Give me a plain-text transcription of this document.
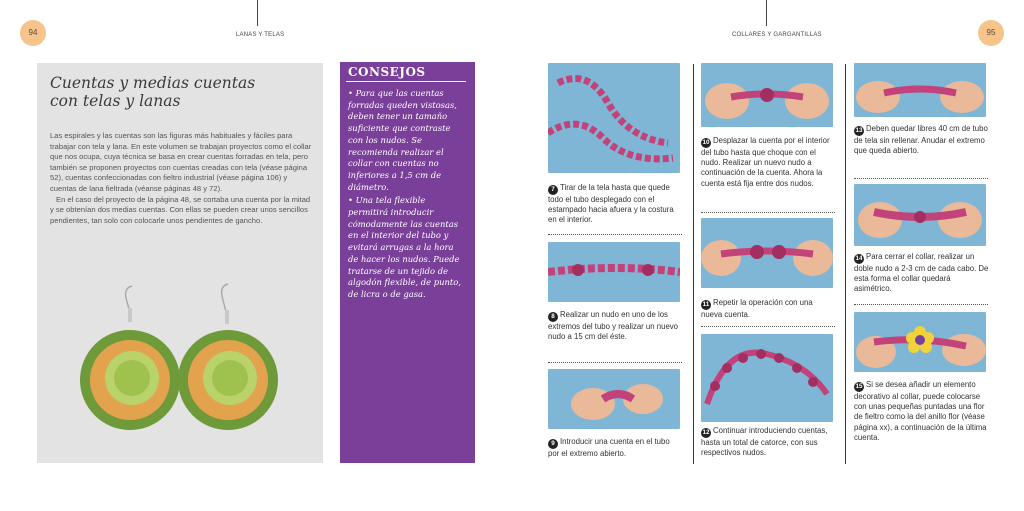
94	95
LANAS Y TELAS	COLLARES Y GARGANTILLAS
Cuentas y medias cuentas
con telas y lanas

Las espirales y las cuentas son las figuras más habituales y fáciles para trabajar con tela y lana. En este volumen se trabajan proyectos como el collar que nos ocupa, cuya técnica se basa en crear cuentas forradas en tela, pero también se proponen proyectos con cuentas creadas con tela (véase página 52), cuentas confeccionadas con fieltro industrial (véase página 106) y cuentas de lana fieltrada (véanse páginas 48 y 72).

En el caso del proyecto de la página 48, se cortaba una cuenta por la mitad y se obtenían dos medias cuentas. Con ellas se pueden crear unos sencillos pendientes, tan solo con colocarle unos pendientes de gancho.

CONSEJOS

• Para que las cuentas forradas queden vistosas, deben tener un tamaño suficiente que contraste con los nudos. Se recomienda realizar el collar con cuentas no inferiores a 1,5 cm de diámetro.

• Una tela flexible permitirá introducir cómodamente las cuentas en el interior del tubo y evitará arrugas a la hora de hacer los nudos. Puede tratarse de un tejido de algodón flexible, de punto, de licra o de gasa.

7 Tirar de la tela hasta que quede todo el tubo desplegado con el estampado hacia afuera y la costura en el interior.
8 Realizar un nudo en uno de los extremos del tubo y realizar un nuevo nudo a 15 cm del éste.
9 Introducir una cuenta en el tubo por el extremo abierto.
10 Desplazar la cuenta por el interior del tubo hasta que choque con el nudo. Realizar un nuevo nudo a continuación de la cuenta. Ahora la cuenta está fija entre dos nudos.
11 Repetir la operación con una nueva cuenta.
12 Continuar introduciendo cuentas, hasta un total de catorce, con sus respectivos nudos.
13 Deben quedar libres 40 cm de tubo de tela sin rellenar. Anudar el extremo que queda abierto.
14 Para cerrar el collar, realizar un doble nudo a 2-3 cm de cada cabo. De esta forma el collar quedará asimétrico.
15 Si se desea añadir un elemento decorativo al collar, puede colocarse con unas pequeñas puntadas una flor de fieltro como la del anillo flor (véase página xx), a continuación de la última cuenta.
